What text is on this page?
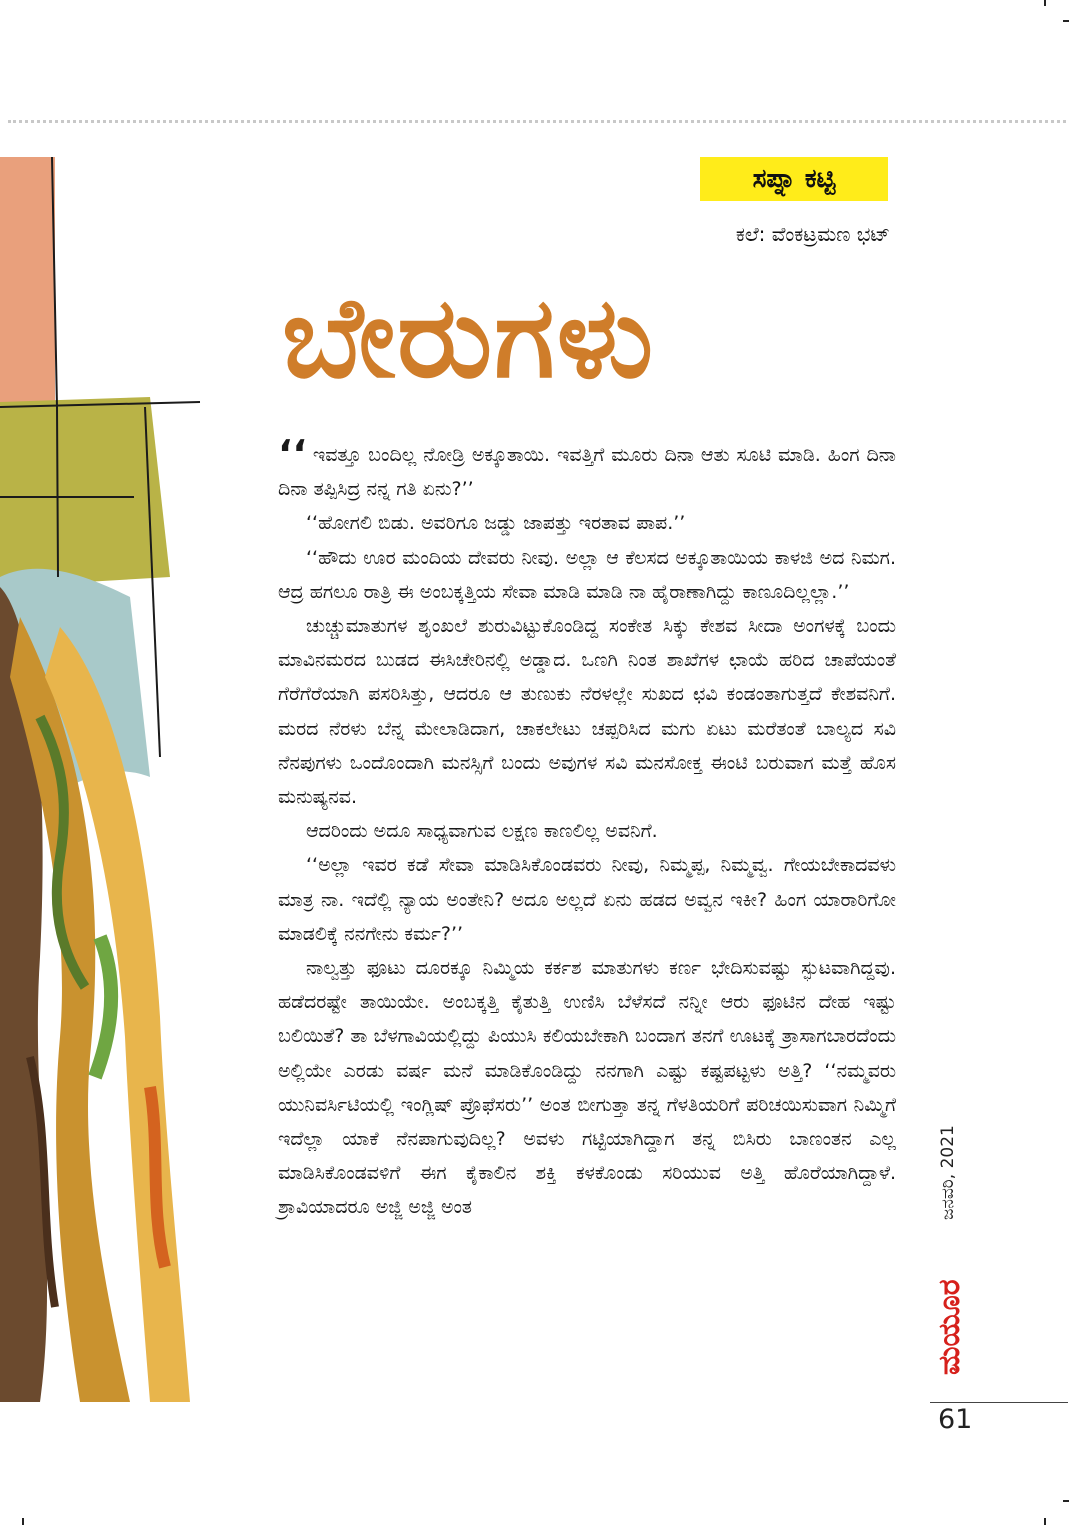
ಸಪ್ನಾ ಕಟ್ಟಿ
ಕಲೆ: ವೆಂಕಟ್ರಮಣ ಭಟ್
ಬೇರುಗಳು

‘‘ ಇವತ್ತೂ ಬಂದಿಲ್ಲ ನೋಡ್ರಿ ಅಕ್ಕೂತಾಯಿ. ಇವತ್ತಿಗೆ ಮೂರು ದಿನಾ ಆತು ಸೂಟಿ ಮಾಡಿ. ಹಿಂಗ ದಿನಾ ದಿನಾ ತಪ್ಪಿಸಿದ್ರ ನನ್ನ ಗತಿ ಏನು?’’

‘‘ಹೋಗಲಿ ಬಿಡು. ಅವರಿಗೂ ಜಡ್ಡು ಜಾಪತ್ತು ಇರತಾವ ಪಾಪ.’’

‘‘ಹೌದು ಊರ ಮಂದಿಯ ದೇವರು ನೀವು. ಅಲ್ಲಾ ಆ ಕೆಲಸದ ಅಕ್ಕೂತಾಯಿಯ ಕಾಳಜಿ ಅದ ನಿಮಗ. ಆದ್ರ ಹಗಲೂ ರಾತ್ರಿ ಈ ಅಂಬಕ್ಕತ್ತಿಯ ಸೇವಾ ಮಾಡಿ ಮಾಡಿ ನಾ ಹೈರಾಣಾಗಿದ್ದು ಕಾಣೂದಿಲ್ಲಲ್ಲಾ.’’

ಚುಚ್ಚುಮಾತುಗಳ ಶೃಂಖಲೆ ಶುರುವಿಟ್ಟುಕೊಂಡಿದ್ದ ಸಂಕೇತ ಸಿಕ್ಕು ಕೇಶವ ಸೀದಾ ಅಂಗಳಕ್ಕೆ ಬಂದು ಮಾವಿನಮರದ ಬುಡದ ಈಸಿಚೇರಿನಲ್ಲಿ ಅಡ್ಡಾದ. ಒಣಗಿ ನಿಂತ ಶಾಖೆಗಳ ಛಾಯೆ ಹರಿದ ಚಾಪೆಯಂತೆ ಗೆರೆಗೆರೆಯಾಗಿ ಪಸರಿಸಿತ್ತು, ಆದರೂ ಆ ತುಣುಕು ನೆರಳಲ್ಲೇ ಸುಖದ ಛವಿ ಕಂಡಂತಾಗುತ್ತದೆ ಕೇಶವನಿಗೆ. ಮರದ ನೆರಳು ಬೆನ್ನ ಮೇಲಾಡಿದಾಗ, ಚಾಕಲೇಟು ಚಪ್ಪರಿಸಿದ ಮಗು ಏಟು ಮರೆತಂತೆ ಬಾಲ್ಯದ ಸವಿ ನೆನಪುಗಳು ಒಂದೊಂದಾಗಿ ಮನಸ್ಸಿಗೆ ಬಂದು ಅವುಗಳ ಸವಿ ಮನಸೋಕ್ತ ಈಂಟಿ ಬರುವಾಗ ಮತ್ತೆ ಹೊಸ ಮನುಷ್ಯನವ.

ಆದರಿಂದು ಅದೂ ಸಾಧ್ಯವಾಗುವ ಲಕ್ಷಣ ಕಾಣಲಿಲ್ಲ ಅವನಿಗೆ.

‘‘ಅಲ್ಲಾ ಇವರ ಕಡೆ ಸೇವಾ ಮಾಡಿಸಿಕೊಂಡವರು ನೀವು, ನಿಮ್ಮಪ್ಪ, ನಿಮ್ಮವ್ವ. ಗೇಯಬೇಕಾದವಳು ಮಾತ್ರ ನಾ. ಇದೆಲ್ಲಿ ನ್ಯಾಯ ಅಂತೇನಿ? ಅದೂ ಅಲ್ಲದೆ ಏನು ಹಡದ ಅವ್ವನ ಇಕೀ? ಹಿಂಗ ಯಾರಾರಿಗೋ ಮಾಡಲಿಕ್ಕೆ ನನಗೇನು ಕರ್ಮ?’’

ನಾಲ್ವತ್ತು ಫೂಟು ದೂರಕ್ಕೂ ನಿಮ್ಮಿಯ ಕರ್ಕಶ ಮಾತುಗಳು ಕರ್ಣ ಭೇದಿಸುವಷ್ಟು ಸ್ಫುಟವಾಗಿದ್ದವು. ಹಡೆದರಷ್ಟೇ ತಾಯಿಯೇ. ಅಂಬಕ್ಕತ್ತಿ ಕೈತುತ್ತಿ ಉಣಿಸಿ ಬೆಳೆಸದೆ ನನ್ನೀ ಆರು ಫೂಟಿನ ದೇಹ ಇಷ್ಟು ಬಲಿಯಿತೆ? ತಾ ಬೆಳಗಾವಿಯಲ್ಲಿದ್ದು ಪಿಯುಸಿ ಕಲಿಯಬೇಕಾಗಿ ಬಂದಾಗ ತನಗೆ ಊಟಕ್ಕೆ ತ್ರಾಸಾಗಬಾರದೆಂದು ಅಲ್ಲಿಯೇ ಎರಡು ವರ್ಷ ಮನೆ ಮಾಡಿಕೊಂಡಿದ್ದು ನನಗಾಗಿ ಎಷ್ಟು ಕಷ್ಟಪಟ್ಟಳು ಅತ್ತಿ? ‘‘ನಮ್ಮವರು ಯುನಿವರ್ಸಿಟಿಯಲ್ಲಿ ಇಂಗ್ಲಿಷ್ ಪ್ರೊಫೆಸರು’’ ಅಂತ ಬೀಗುತ್ತಾ ತನ್ನ ಗೆಳತಿಯರಿಗೆ ಪರಿಚಯಿಸುವಾಗ ನಿಮ್ಮಿಗೆ ಇದೆಲ್ಲಾ ಯಾಕೆ ನೆನಪಾಗುವುದಿಲ್ಲ? ಅವಳು ಗಟ್ಟಿಯಾಗಿದ್ದಾಗ ತನ್ನ ಬಿಸಿರು ಬಾಣಂತನ ಎಲ್ಲ ಮಾಡಿಸಿಕೊಂಡವಳಿಗೆ ಈಗ ಕೈಕಾಲಿನ ಶಕ್ತಿ ಕಳಕೊಂಡು ಸರಿಯುವ ಅತ್ತಿ ಹೊರೆಯಾಗಿದ್ದಾಳೆ. ಶ್ರಾವಿಯಾದರೂ ಅಜ್ಜಿ ಅಜ್ಜಿ ಅಂತ	ಜನವರಿ, 2021
ಮಯೂರ
61
